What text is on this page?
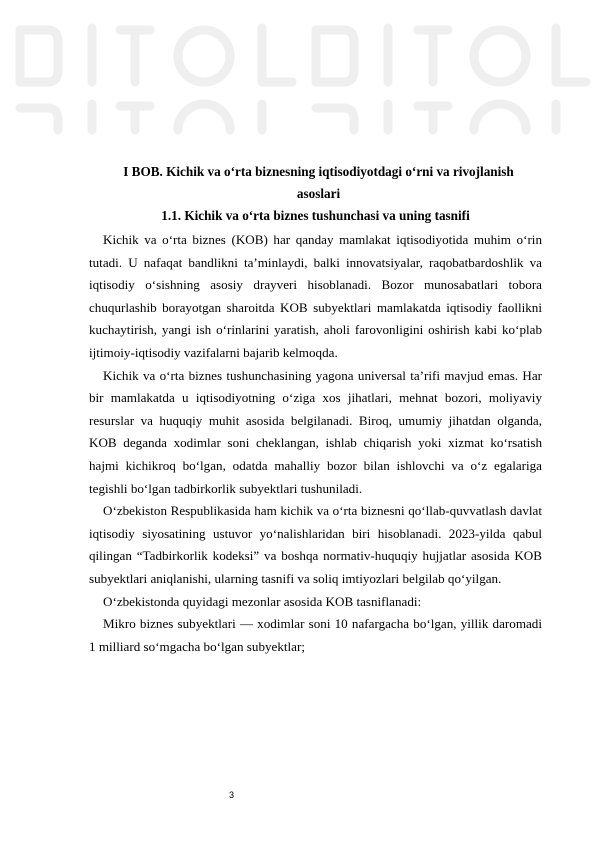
I BOB. Kichik va o‘rta biznesning iqtisodiyotdagi o‘rni va rivojlanish asoslari
1.1. Kichik va o‘rta biznes tushunchasi va uning tasnifi

Kichik va o‘rta biznes (KOB) har qanday mamlakat iqtisodiyotida muhim o‘rin tutadi. U nafaqat bandlikni ta’minlaydi, balki innovatsiyalar, raqobatbardoshlik va iqtisodiy o‘sishning asosiy drayveri hisoblanadi. Bozor munosabatlari tobora chuqurlashib borayotgan sharoitda KOB subyektlari mamlakatda iqtisodiy faollikni kuchaytirish, yangi ish o‘rinlarini yaratish, aholi farovonligini oshirish kabi ko‘plab ijtimoiy-iqtisodiy vazifalarni bajarib kelmoqda.

Kichik va o‘rta biznes tushunchasining yagona universal ta’rifi mavjud emas. Har bir mamlakatda u iqtisodiyotning o‘ziga xos jihatlari, mehnat bozori, moliyaviy resurslar va huquqiy muhit asosida belgilanadi. Biroq, umumiy jihatdan olganda, KOB deganda xodimlar soni cheklangan, ishlab chiqarish yoki xizmat ko‘rsatish hajmi kichikroq bo‘lgan, odatda mahalliy bozor bilan ishlovchi va o‘z egalariga tegishli bo‘lgan tadbirkorlik subyektlari tushuniladi.

O‘zbekiston Respublikasida ham kichik va o‘rta biznesni qo‘llab-quvvatlash davlat iqtisodiy siyosatining ustuvor yo‘nalishlaridan biri hisoblanadi. 2023-yilda qabul qilingan “Tadbirkorlik kodeksi” va boshqa normativ-huquqiy hujjatlar asosida KOB subyektlari aniqlanishi, ularning tasnifi va soliq imtiyozlari belgilab qo‘yilgan.

O‘zbekistonda quyidagi mezonlar asosida KOB tasniflanadi:

Mikro biznes subyektlari — xodimlar soni 10 nafargacha bo‘lgan, yillik daromadi 1 milliard so‘mgacha bo‘lgan subyektlar;

3
